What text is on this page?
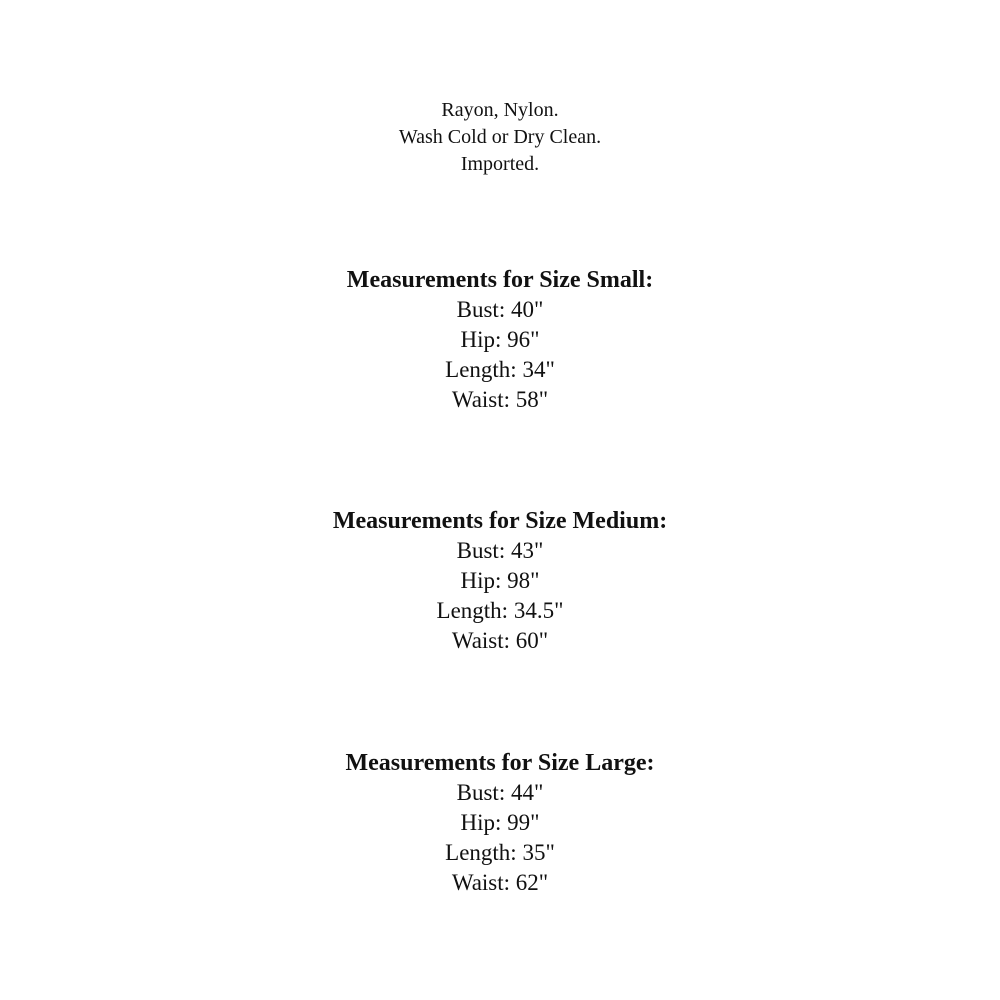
Rayon, Nylon.
Wash Cold or Dry Clean.
Imported.
Measurements for Size Small:
Bust: 40"
Hip: 96"
Length: 34"
Waist: 58"
Measurements for Size Medium:
Bust: 43"
Hip: 98"
Length: 34.5"
Waist: 60"
Measurements for Size Large:
Bust: 44"
Hip: 99"
Length: 35"
Waist: 62"
